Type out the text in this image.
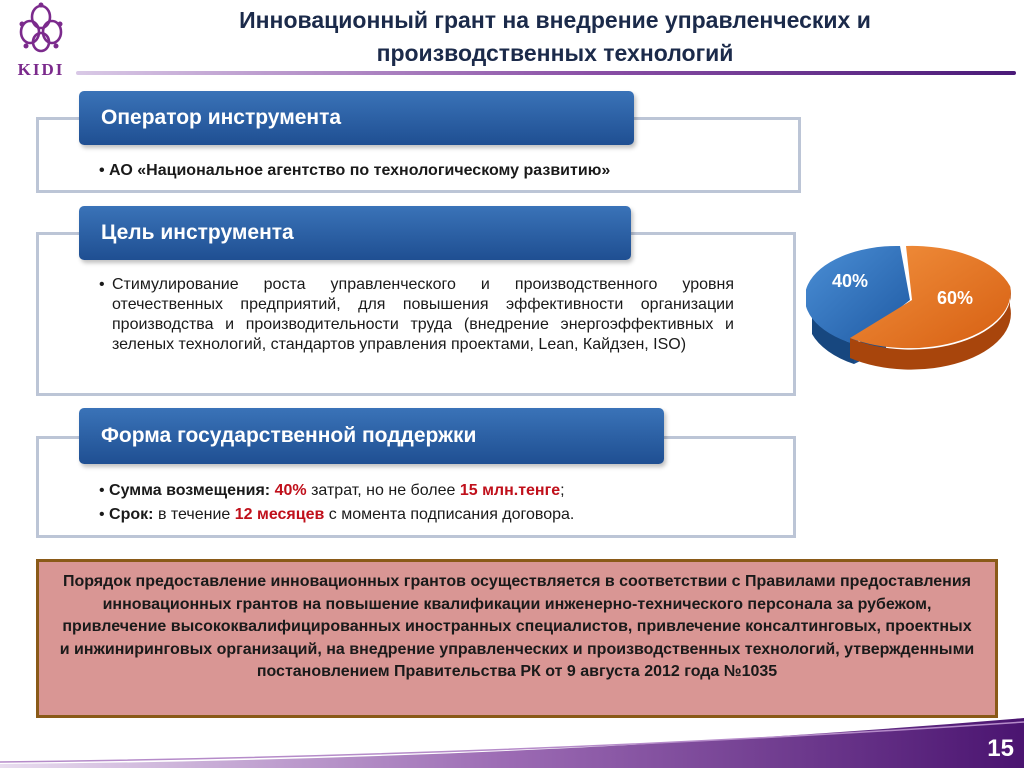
KIDI
Инновационный грант на внедрение управленческих и
производственных технологий
Оператор инструмента
• АО «Национальное агентство по технологическому развитию»
Цель инструмента
• Стимулирование роста управленческого и производственного уровня отечественных предприятий, для повышения эффективности организации производства и производительности труда (внедрение энергоэффективных и зеленых технологий, стандартов управления проектами, Lean, Кайдзен, ISO)
Форма государственной поддержки
• Сумма возмещения: 40% затрат, но не более 15 млн.тенге;
• Срок: в течение 12 месяцев с момента подписания договора.
40%
60%
Порядок предоставление инновационных грантов осуществляется в соответствии с Правилами предоставления инновационных грантов на повышение квалификации инженерно-технического персонала за рубежом, привлечение высококвалифицированных иностранных специалистов, привлечение консалтинговых, проектных и инжиниринговых организаций, на внедрение управленческих и производственных технологий, утвержденными постановлением Правительства РК от 9 августа 2012 года №1035
15
